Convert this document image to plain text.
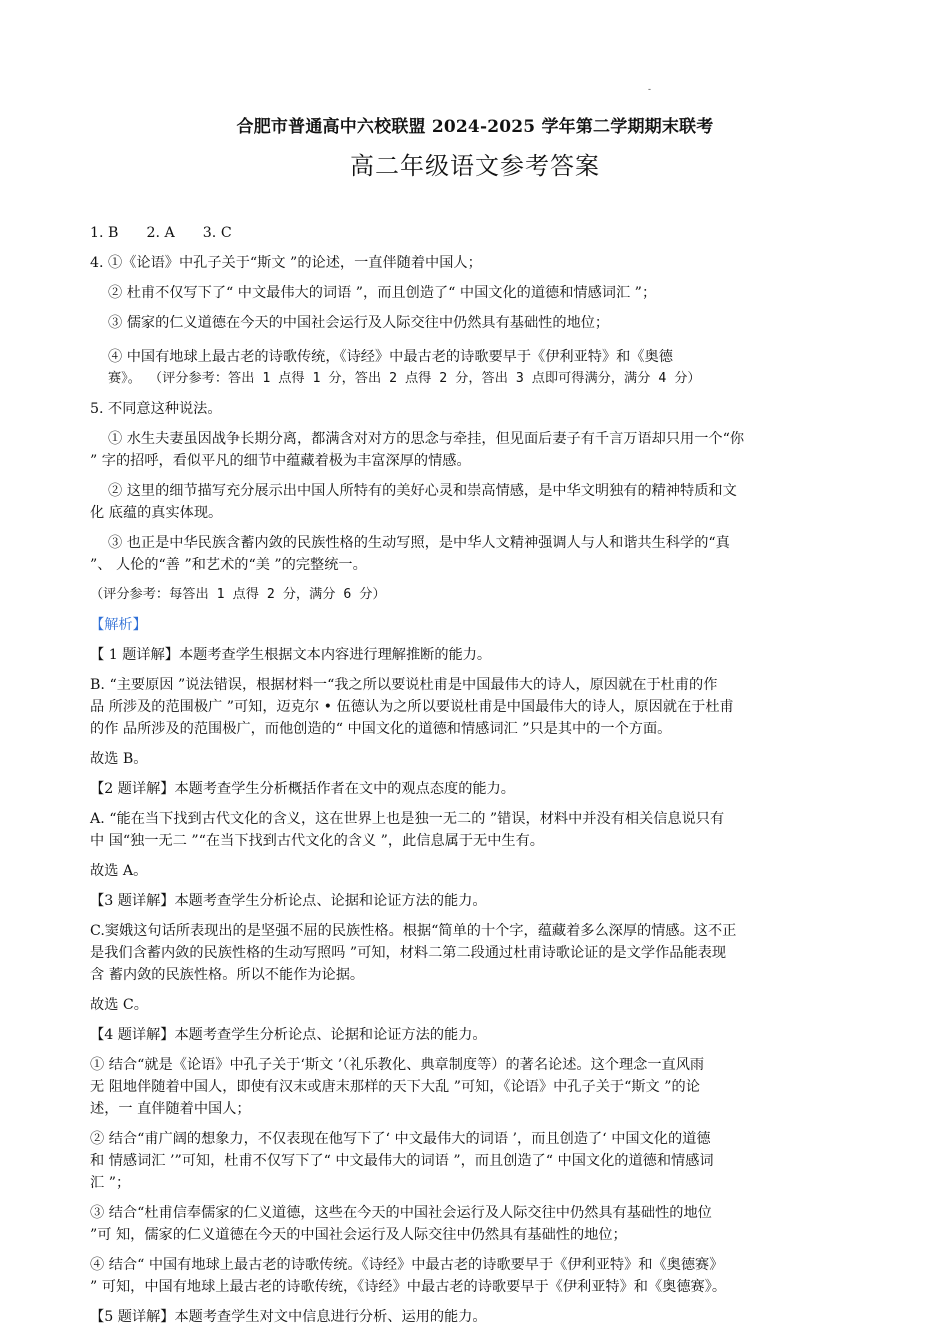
-
合肥市普通高中六校联盟 2024-2025 学年第二学期期末联考
高二年级语文参考答案

1. B 2. A 3. C

4. ①《论语》中孔子关于“斯文 ”的论述，一直伴随着中国人；

② 杜甫不仅写下了“ 中文最伟大的词语 ”，而且创造了“ 中国文化的道德和情感词汇 ”；

③ 儒家的仁义道德在今天的中国社会运行及人际交往中仍然具有基础性的地位；

④ 中国有地球上最古老的诗歌传统，《诗经》中最古老的诗歌要早于《伊利亚特》和《奥德

赛》。 （评分参考：答出 1 点得 1 分，答出 2 点得 2 分，答出 3 点即可得满分，满分 4 分）

5. 不同意这种说法。

① 水生夫妻虽因战争长期分离，都满含对对方的思念与牵挂，但见面后妻子有千言万语却只用一个“你

” 字的招呼，看似平凡的细节中蕴藏着极为丰富深厚的情感。

② 这里的细节描写充分展示出中国人所特有的美好心灵和崇高情感，是中华文明独有的精神特质和文

化 底蕴的真实体现。

③ 也正是中华民族含蓄内敛的民族性格的生动写照，是中华人文精神强调人与人和谐共生科学的“真

”、 人伦的“善 ”和艺术的“美 ”的完整统一。

（评分参考：每答出 1 点得 2 分，满分 6 分）

【解析】

【 1 题详解】本题考查学生根据文本内容进行理解推断的能力。

B. “主要原因 ”说法错误，根据材料一“我之所以要说杜甫是中国最伟大的诗人，原因就在于杜甫的作

品 所涉及的范围极广 ”可知，迈克尔 • 伍德认为之所以要说杜甫是中国最伟大的诗人，原因就在于杜甫

的作 品所涉及的范围极广，而他创造的“ 中国文化的道德和情感词汇 ”只是其中的一个方面。

故选 B。

【2 题详解】本题考查学生分析概括作者在文中的观点态度的能力。

A. “能在当下找到古代文化的含义，这在世界上也是独一无二的 ”错误，材料中并没有相关信息说只有

中 国“独一无二 ”“在当下找到古代文化的含义 ”，此信息属于无中生有。

故选 A。

【3 题详解】本题考查学生分析论点、论据和论证方法的能力。

C.窦娥这句话所表现出的是坚强不屈的民族性格。根据“简单的十个字，蕴藏着多么深厚的情感。这不正

是我们含蓄内敛的民族性格的生动写照吗 ”可知，材料二第二段通过杜甫诗歌论证的是文学作品能表现

含 蓄内敛的民族性格。所以不能作为论据。

故选 C。

【4 题详解】本题考查学生分析论点、论据和论证方法的能力。

① 结合“就是《论语》中孔子关于‘斯文 ’（礼乐教化、典章制度等）的著名论述。这个理念一直风雨

无 阻地伴随着中国人，即使有汉末或唐末那样的天下大乱 ”可知，《论语》中孔子关于“斯文 ”的论

述，一 直伴随着中国人；

② 结合“甫广阔的想象力，不仅表现在他写下了‘ 中文最伟大的词语 ’，而且创造了‘ 中国文化的道德

和 情感词汇 ’”可知，杜甫不仅写下了“ 中文最伟大的词语 ”，而且创造了“ 中国文化的道德和情感词

汇 ”；

③ 结合“杜甫信奉儒家的仁义道德，这些在今天的中国社会运行及人际交往中仍然具有基础性的地位

”可 知，儒家的仁义道德在今天的中国社会运行及人际交往中仍然具有基础性的地位；

④ 结合“ 中国有地球上最古老的诗歌传统。《诗经》中最古老的诗歌要早于《伊利亚特》和《奥德赛》

” 可知，中国有地球上最古老的诗歌传统，《诗经》中最古老的诗歌要早于《伊利亚特》和《奥德赛》。

【5 题详解】本题考查学生对文中信息进行分析、运用的能力。
